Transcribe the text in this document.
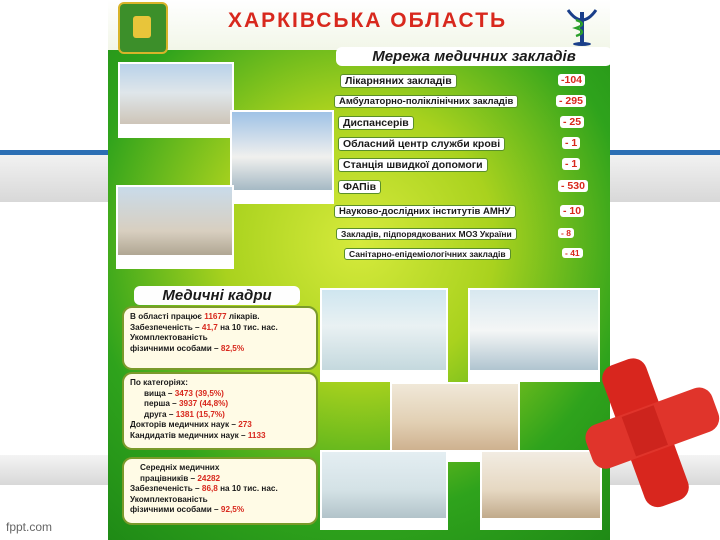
ХАРКІВСЬКА ОБЛАСТЬ
Мережа медичних закладів
Лікарняних закладів	-104
Амбулаторно-поліклінічних закладів	- 295
Диспансерів	- 25
Обласний центр служби крові	- 1
Станція швидкої допомоги	- 1
ФАПів	- 530
Науково-дослідних інститутів АМНУ	- 10
Закладів, підпорядкованих МОЗ України	- 8
Санітарно-епідеміологічних закладів	- 41
Медичні кадри
В області працює 11677 лікарів.
Забезпеченість – 41,7 на 10 тис. нас.
Укомплектованість
фізичними особами – 82,5%
По категоріях:
вища – 3473 (39,5%)
перша – 3937 (44,8%)
друга – 1381 (15,7%)
Докторів медичних наук – 273
Кандидатів медичних наук – 1133
Середніх медичних
працівників – 24282
Забезпеченість – 86,8 на 10 тис. нас.
Укомплектованість
фізичними особами – 92,5%
fppt.com
